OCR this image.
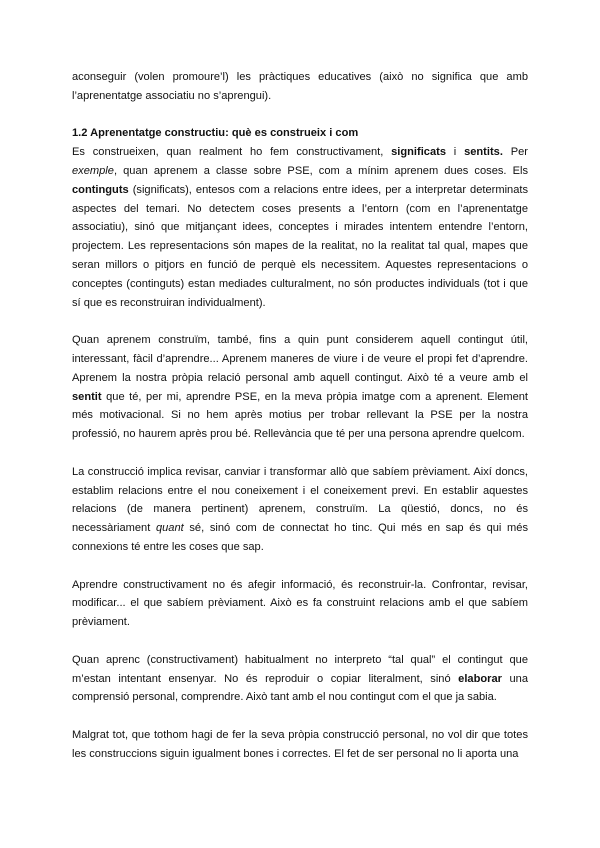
aconseguir (volen promoure’l) les pràctiques educatives (això no significa que amb l’aprenentatge associatiu no s’aprengui).

1.2 Aprenentatge constructiu: què es construeix i com

Es construeixen, quan realment ho fem constructivament, significats i sentits. Per exemple, quan aprenem a classe sobre PSE, com a mínim aprenem dues coses. Els continguts (significats), entesos com a relacions entre idees, per a interpretar determinats aspectes del temari. No detectem coses presents a l’entorn (com en l’aprenentatge associatiu), sinó que mitjançant idees, conceptes i mirades intentem entendre l’entorn, projectem. Les representacions són mapes de la realitat, no la realitat tal qual, mapes que seran millors o pitjors en funció de perquè els necessitem. Aquestes representacions o conceptes (continguts) estan mediades culturalment, no són productes individuals (tot i que sí que es reconstruiran individualment).

Quan aprenem construïm, també, fins a quin punt considerem aquell contingut útil, interessant, fàcil d’aprendre... Aprenem maneres de viure i de veure el propi fet d’aprendre. Aprenem la nostra pròpia relació personal amb aquell contingut. Això té a veure amb el sentit que té, per mi, aprendre PSE, en la meva pròpia imatge com a aprenent. Element més motivacional. Si no hem après motius per trobar rellevant la PSE per la nostra professió, no haurem après prou bé. Rellevància que té per una persona aprendre quelcom.

La construcció implica revisar, canviar i transformar allò que sabíem prèviament. Així doncs, establim relacions entre el nou coneixement i el coneixement previ. En establir aquestes relacions (de manera pertinent) aprenem, construïm. La qüestió, doncs, no és necessàriament quant sé, sinó com de connectat ho tinc. Qui més en sap és qui més connexions té entre les coses que sap.

Aprendre constructivament no és afegir informació, és reconstruir-la. Confrontar, revisar, modificar... el que sabíem prèviament. Això es fa construint relacions amb el que sabíem prèviament.

Quan aprenc (constructivament) habitualment no interpreto “tal qual” el contingut que m’estan intentant ensenyar. No és reproduir o copiar literalment, sinó elaborar una comprensió personal, comprendre. Això tant amb el nou contingut com el que ja sabia.

Malgrat tot, que tothom hagi de fer la seva pròpia construcció personal, no vol dir que totes les construccions siguin igualment bones i correctes. El fet de ser personal no li aporta una
